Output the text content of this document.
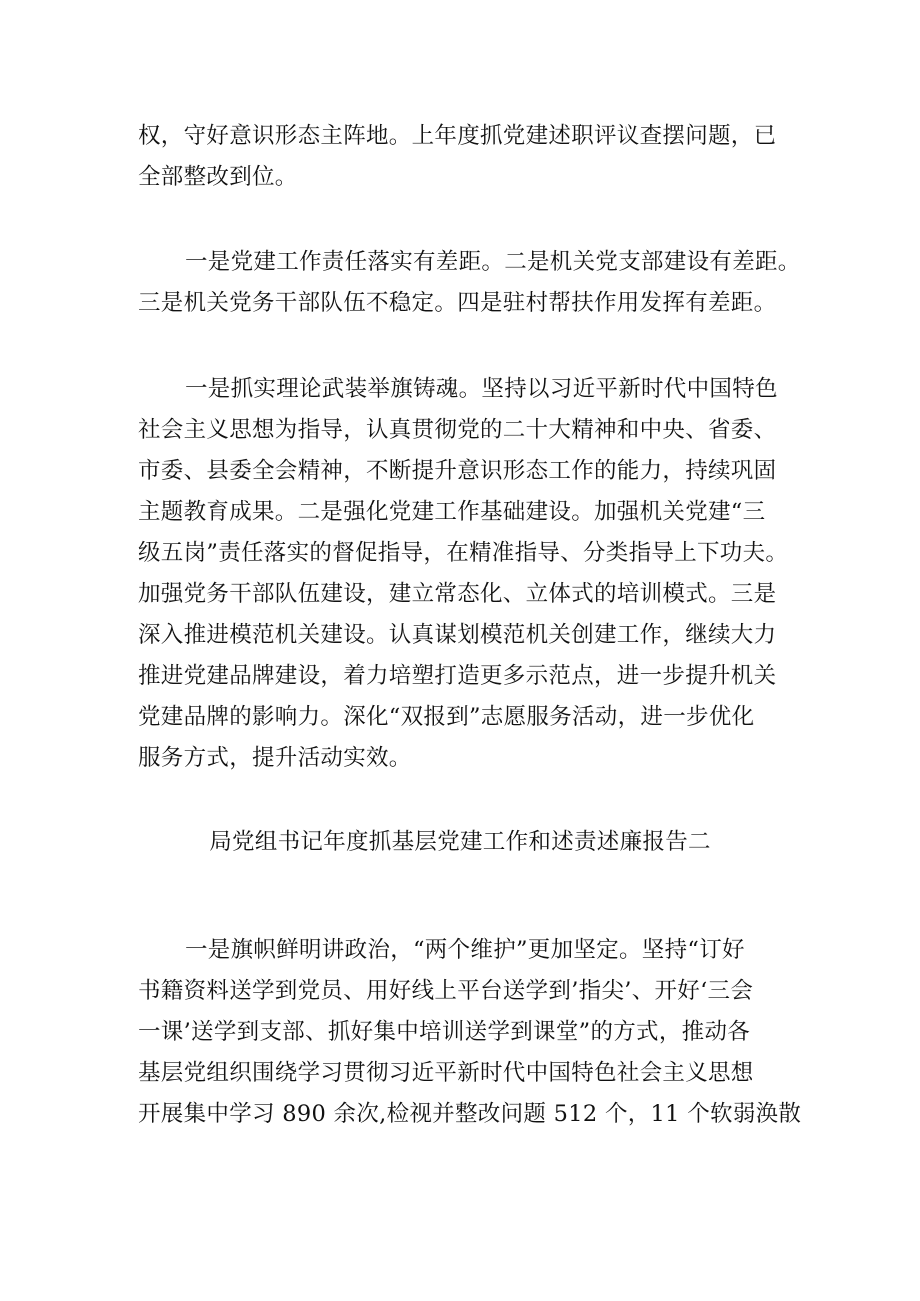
权，守好意识形态主阵地。上年度抓党建述职评议查摆问题，已
全部整改到位。
一是党建工作责任落实有差距。二是机关党支部建设有差距。
三是机关党务干部队伍不稳定。四是驻村帮扶作用发挥有差距。
一是抓实理论武装举旗铸魂。坚持以习近平新时代中国特色
社会主义思想为指导，认真贯彻党的二十大精神和中央、省委、
市委、县委全会精神，不断提升意识形态工作的能力，持续巩固
主题教育成果。二是强化党建工作基础建设。加强机关党建“三
级五岗”责任落实的督促指导，在精准指导、分类指导上下功夫。
加强党务干部队伍建设，建立常态化、立体式的培训模式。三是
深入推进模范机关建设。认真谋划模范机关创建工作，继续大力
推进党建品牌建设，着力培塑打造更多示范点，进一步提升机关
党建品牌的影响力。深化“双报到”志愿服务活动，进一步优化
服务方式，提升活动实效。
局党组书记年度抓基层党建工作和述责述廉报告二
一是旗帜鲜明讲政治，“两个维护”更加坚定。坚持“订好
书籍资料送学到党员、用好线上平台送学到’指尖’、开好‘三会
一课’送学到支部、抓好集中培训送学到课堂”的方式，推动各
基层党组织围绕学习贯彻习近平新时代中国特色社会主义思想
开展集中学习 890 余次,检视并整改问题 512 个，11 个软弱涣散
